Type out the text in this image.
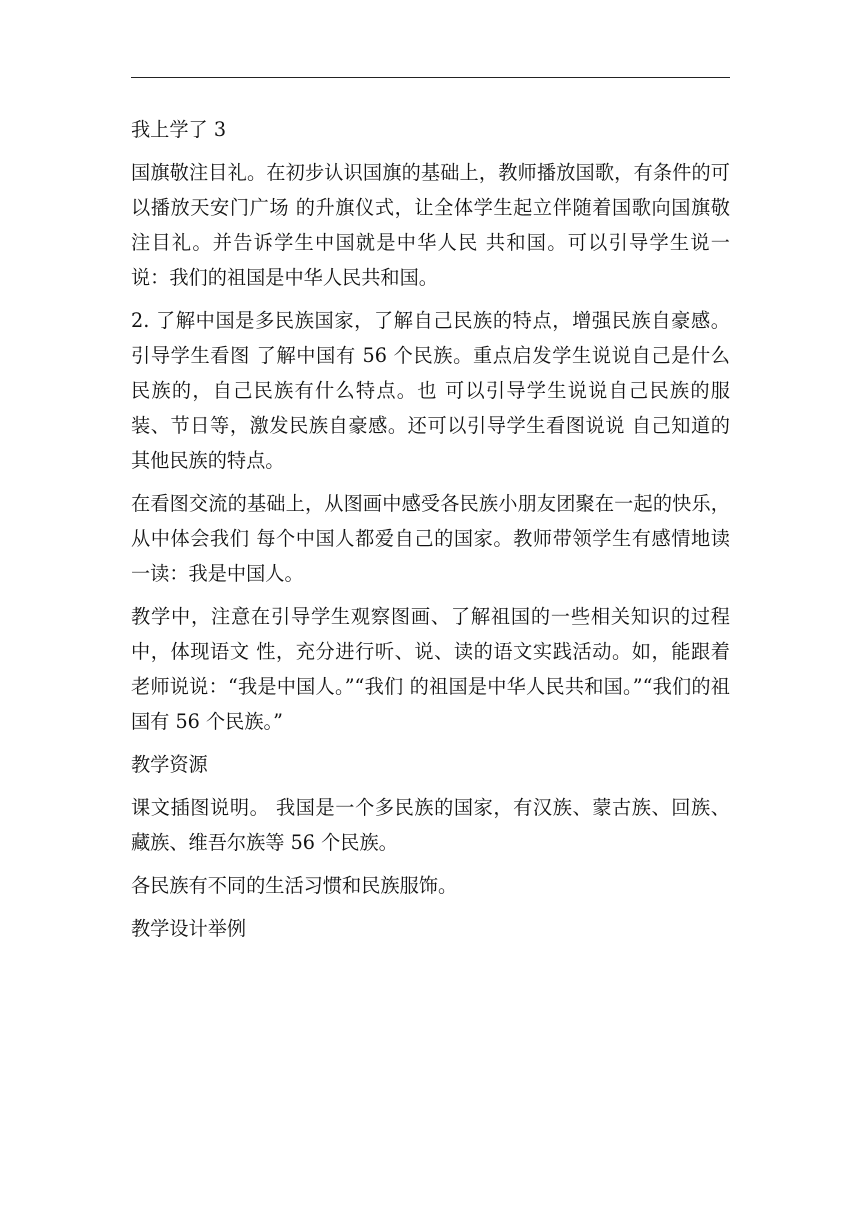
我上学了 3

国旗敬注目礼。在初步认识国旗的基础上，教师播放国歌，有条件的可以播放天安门广场 的升旗仪式，让全体学生起立伴随着国歌向国旗敬注目礼。并告诉学生中国就是中华人民 共和国。可以引导学生说一说：我们的祖国是中华人民共和国。

2. 了解中国是多民族国家，了解自己民族的特点，增强民族自豪感。引导学生看图 了解中国有 56 个民族。重点启发学生说说自己是什么民族的，自己民族有什么特点。也 可以引导学生说说自己民族的服装、节日等，激发民族自豪感。还可以引导学生看图说说 自己知道的其他民族的特点。

在看图交流的基础上，从图画中感受各民族小朋友团聚在一起的快乐，从中体会我们 每个中国人都爱自己的国家。教师带领学生有感情地读一读：我是中国人。

教学中，注意在引导学生观察图画、了解祖国的一些相关知识的过程中，体现语文 性，充分进行听、说、读的语文实践活动。如，能跟着老师说说：“我是中国人。”“我们 的祖国是中华人民共和国。”“我们的祖国有 56 个民族。”

教学资源

课文插图说明。 我国是一个多民族的国家，有汉族、蒙古族、回族、藏族、维吾尔族等 56 个民族。

各民族有不同的生活习惯和民族服饰。

教学设计举例
